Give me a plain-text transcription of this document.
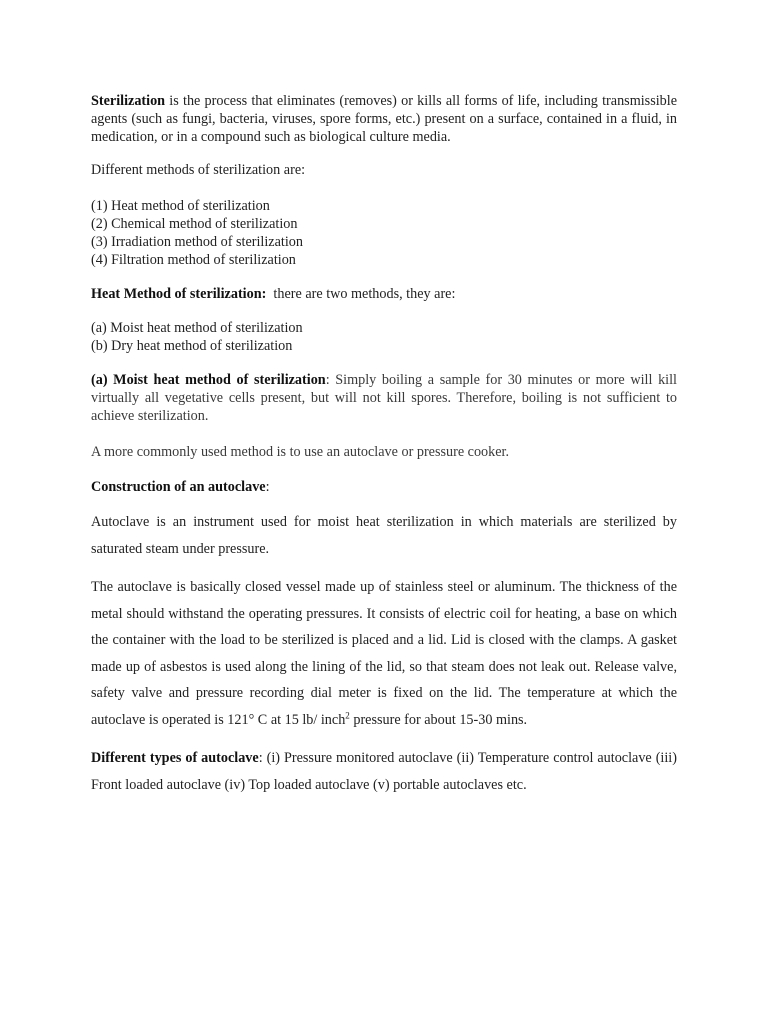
Sterilization is the process that eliminates (removes) or kills all forms of life, including transmissible agents (such as fungi, bacteria, viruses, spore forms, etc.) present on a surface, contained in a fluid, in medication, or in a compound such as biological culture media.

Different methods of sterilization are:

(1) Heat method of sterilization
(2) Chemical method of sterilization
(3) Irradiation method of sterilization
(4) Filtration method of sterilization

Heat Method of sterilization:  there are two methods, they are:

(a) Moist heat method of sterilization
(b) Dry heat method of sterilization

(a) Moist heat method of sterilization: Simply boiling a sample for 30 minutes or more will kill virtually all vegetative cells present, but will not kill spores. Therefore, boiling is not sufficient to achieve sterilization.

A more commonly used method is to use an autoclave or pressure cooker.

Construction of an autoclave:

Autoclave is an instrument used for moist heat sterilization in which materials are sterilized by saturated steam under pressure.

The autoclave is basically closed vessel made up of stainless steel or aluminum. The thickness of the metal should withstand the operating pressures. It consists of electric coil for heating, a base on which the container with the load to be sterilized is placed and a lid. Lid is closed with the clamps. A gasket made up of asbestos is used along the lining of the lid, so that steam does not leak out. Release valve, safety valve and pressure recording dial meter is fixed on the lid. The temperature at which the autoclave is operated is 121° C at 15 lb/ inch$^2$ pressure for about 15-30 mins.

Different types of autoclave: (i) Pressure monitored autoclave (ii) Temperature control autoclave (iii) Front loaded autoclave (iv) Top loaded autoclave (v) portable autoclaves etc.
